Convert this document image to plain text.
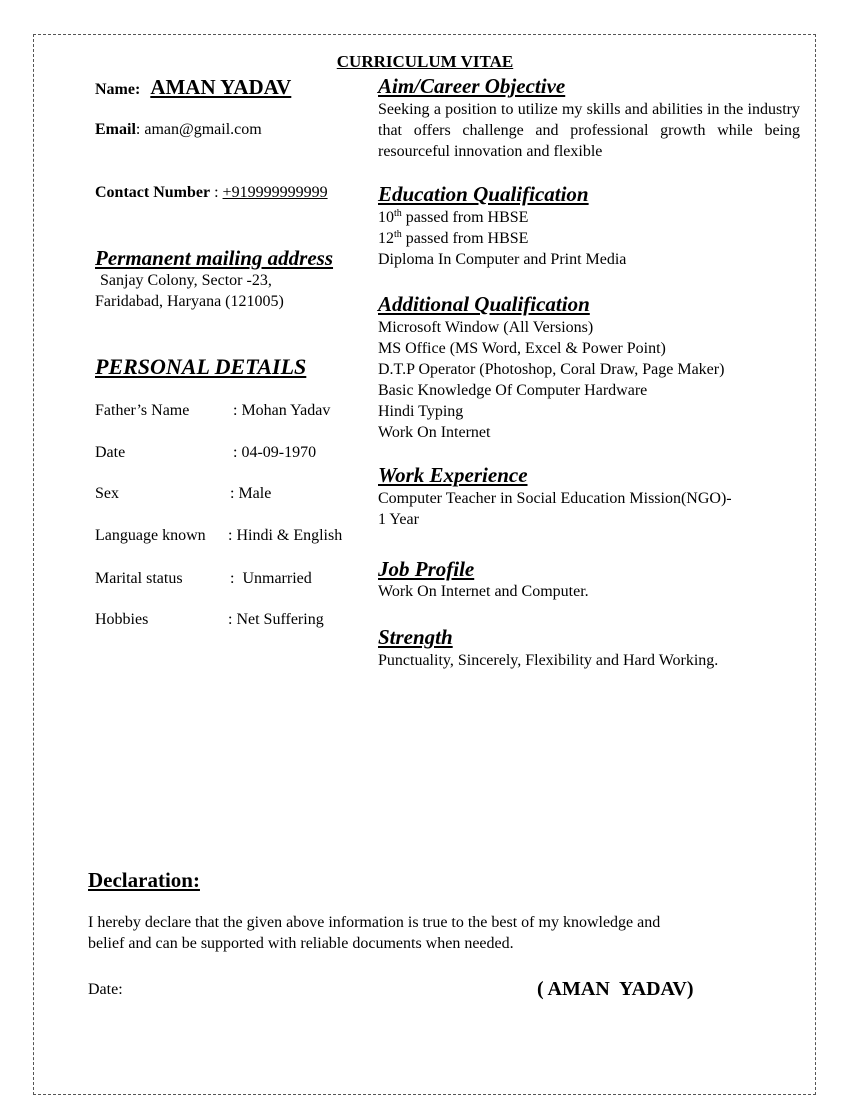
CURRICULUM VITAE
Name: AMAN YADAV
Email: aman@gmail.com
Contact Number : +919999999999
Permanent mailing address
Sanjay Colony, Sector -23,
Faridabad, Haryana (121005)
PERSONAL DETAILS
Father’s Name	: Mohan Yadav
Date	: 04-09-1970
Sex	: Male
Language known : Hindi & English
Marital status	:  Unmarried
Hobbies	: Net Suffering
Aim/Career Objective
Seeking a position to utilize my skills and abilities in the industry that offers challenge and professional growth while being resourceful innovation and flexible
Education Qualification
10th passed from HBSE
12th passed from HBSE
Diploma In Computer and Print Media
Additional Qualification
Microsoft Window (All Versions)
MS Office (MS Word, Excel & Power Point)
D.T.P Operator (Photoshop, Coral Draw, Page Maker)
Basic Knowledge Of Computer Hardware
Hindi Typing
Work On Internet
Work Experience
Computer Teacher in Social Education Mission(NGO)-
1 Year
Job Profile
Work On Internet and Computer.
Strength
Punctuality, Sincerely, Flexibility and Hard Working.
Declaration:
I hereby declare that the given above information is true to the best of my knowledge and
belief and can be supported with reliable documents when needed.
Date:	( AMAN  YADAV)
